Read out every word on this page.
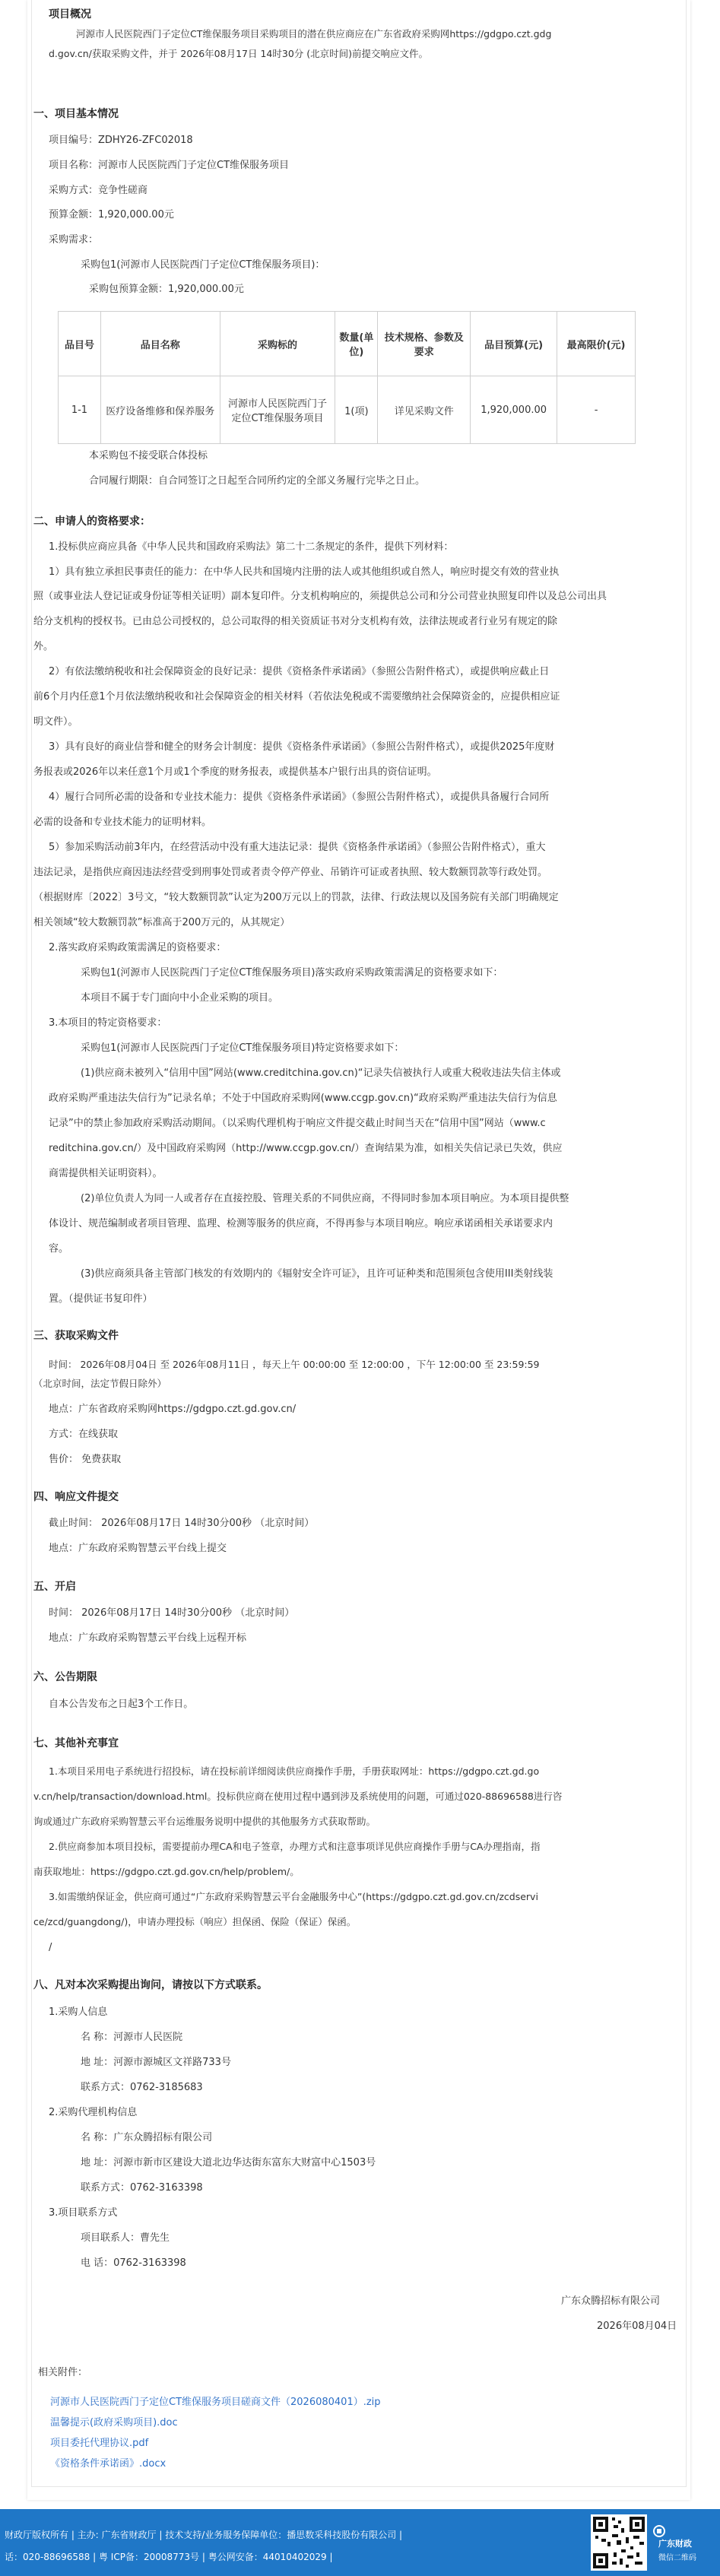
项目概况
河源市人民医院西门子定位CT维保服务项目采购项目的潜在供应商应在广东省政府采购网https://gdgpo.czt.gdg
d.gov.cn/获取采购文件，并于 2026年08月17日 14时30分 (北京时间)前提交响应文件。
一、项目基本情况
项目编号：ZDHY26-ZFC02018
项目名称：河源市人民医院西门子定位CT维保服务项目
采购方式：竞争性磋商
预算金额：1,920,000.00元
采购需求：
采购包1(河源市人民医院西门子定位CT维保服务项目)：
采购包预算金额：1,920,000.00元
本采购包不接受联合体投标
合同履行期限：自合同签订之日起至合同所约定的全部义务履行完毕之日止。
二、申请人的资格要求：
1.投标供应商应具备《中华人民共和国政府采购法》第二十二条规定的条件，提供下列材料：
1）具有独立承担民事责任的能力：在中华人民共和国境内注册的法人或其他组织或自然人，响应时提交有效的营业执
照（或事业法人登记证或身份证等相关证明）副本复印件。分支机构响应的，须提供总公司和分公司营业执照复印件以及总公司出具
给分支机构的授权书。已由总公司授权的，总公司取得的相关资质证书对分支机构有效，法律法规或者行业另有规定的除
外。
2）有依法缴纳税收和社会保障资金的良好记录：提供《资格条件承诺函》（参照公告附件格式），或提供响应截止日
前6个月内任意1个月依法缴纳税收和社会保障资金的相关材料（若依法免税或不需要缴纳社会保障资金的，应提供相应证
明文件）。
3）具有良好的商业信誉和健全的财务会计制度：提供《资格条件承诺函》（参照公告附件格式），或提供2025年度财
务报表或2026年以来任意1个月或1个季度的财务报表，或提供基本户银行出具的资信证明。
4）履行合同所必需的设备和专业技术能力：提供《资格条件承诺函》（参照公告附件格式），或提供具备履行合同所
必需的设备和专业技术能力的证明材料。
5）参加采购活动前3年内，在经营活动中没有重大违法记录：提供《资格条件承诺函》（参照公告附件格式），重大
违法记录，是指供应商因违法经营受到刑事处罚或者责令停产停业、吊销许可证或者执照、较大数额罚款等行政处罚。
（根据财库〔2022〕3号文，“较大数额罚款”认定为200万元以上的罚款，法律、行政法规以及国务院有关部门明确规定
相关领域“较大数额罚款”标准高于200万元的，从其规定）
2.落实政府采购政策需满足的资格要求：
采购包1(河源市人民医院西门子定位CT维保服务项目)落实政府采购政策需满足的资格要求如下：
本项目不属于专门面向中小企业采购的项目。
3.本项目的特定资格要求：
采购包1(河源市人民医院西门子定位CT维保服务项目)特定资格要求如下：
(1)供应商未被列入“信用中国”网站(www.creditchina.gov.cn)“记录失信被执行人或重大税收违法失信主体或
政府采购严重违法失信行为”记录名单；不处于中国政府采购网(www.ccgp.gov.cn)“政府采购严重违法失信行为信息
记录”中的禁止参加政府采购活动期间。（以采购代理机构于响应文件提交截止时间当天在“信用中国”网站（www.c
reditchina.gov.cn/）及中国政府采购网（http://www.ccgp.gov.cn/）查询结果为准，如相关失信记录已失效，供应
商需提供相关证明资料）。
(2)单位负责人为同一人或者存在直接控股、管理关系的不同供应商，不得同时参加本项目响应。为本项目提供整
体设计、规范编制或者项目管理、监理、检测等服务的供应商，不得再参与本项目响应。响应承诺函相关承诺要求内
容。
(3)供应商须具备主管部门核发的有效期内的《辐射安全许可证》，且许可证种类和范围须包含使用III类射线装
置。（提供证书复印件）
三、获取采购文件
时间： 2026年08月04日 至 2026年08月11日 ，每天上午 00:00:00 至 12:00:00 ，下午 12:00:00 至 23:59:59
（北京时间，法定节假日除外）
地点：广东省政府采购网https://gdgpo.czt.gd.gov.cn/
方式：在线获取
售价： 免费获取
四、响应文件提交
截止时间： 2026年08月17日 14时30分00秒 （北京时间）
地点：广东政府采购智慧云平台线上提交
五、开启
时间： 2026年08月17日 14时30分00秒 （北京时间）
地点：广东政府采购智慧云平台线上远程开标
六、公告期限
自本公告发布之日起3个工作日。
七、其他补充事宜
1.本项目采用电子系统进行招投标，请在投标前详细阅读供应商操作手册，手册获取网址：https://gdgpo.czt.gd.go
v.cn/help/transaction/download.html。投标供应商在使用过程中遇到涉及系统使用的问题，可通过020-88696588进行咨
询或通过广东政府采购智慧云平台运维服务说明中提供的其他服务方式获取帮助。
2.供应商参加本项目投标，需要提前办理CA和电子签章，办理方式和注意事项详见供应商操作手册与CA办理指南，指
南获取地址：https://gdgpo.czt.gd.gov.cn/help/problem/。
3.如需缴纳保证金，供应商可通过“广东政府采购智慧云平台金融服务中心”(https://gdgpo.czt.gd.gov.cn/zcdservi
ce/zcd/guangdong/)，申请办理投标（响应）担保函、保险（保证）保函。
/
八、凡对本次采购提出询问，请按以下方式联系。
1.采购人信息
名 称：河源市人民医院
地 址：河源市源城区文祥路733号
联系方式：0762-3185683
2.采购代理机构信息
名 称：广东众腾招标有限公司
地 址：河源市新市区建设大道北边华达街东富东大财富中心1503号
联系方式：0762-3163398
3.项目联系方式
项目联系人：曹先生
电 话：0762-3163398
广东众腾招标有限公司
2026年08月04日
品目号	品目名称	采购标的	数量(单位)	技术规格、参数及要求	品目预算(元)	最高限价(元)
1-1	医疗设备维修和保养服务	河源市人民医院西门子定位CT维保服务项目	1(项)	详见采购文件	1,920,000.00	-
相关附件：
河源市人民医院西门子定位CT维保服务项目磋商文件（2026080401）.zip
温馨提示(政府采购项目).doc
项目委托代理协议.pdf
《资格条件承诺函》.docx
财政厅版权所有 | 主办: 广东省财政厅 | 技术支持/业务服务保障单位：播思数采科技股份有限公司 |
话：020-88696588 | 粤 ICP备：20008773号 | 粤公网安备：44010402029 |
广东财政
微信二维码
